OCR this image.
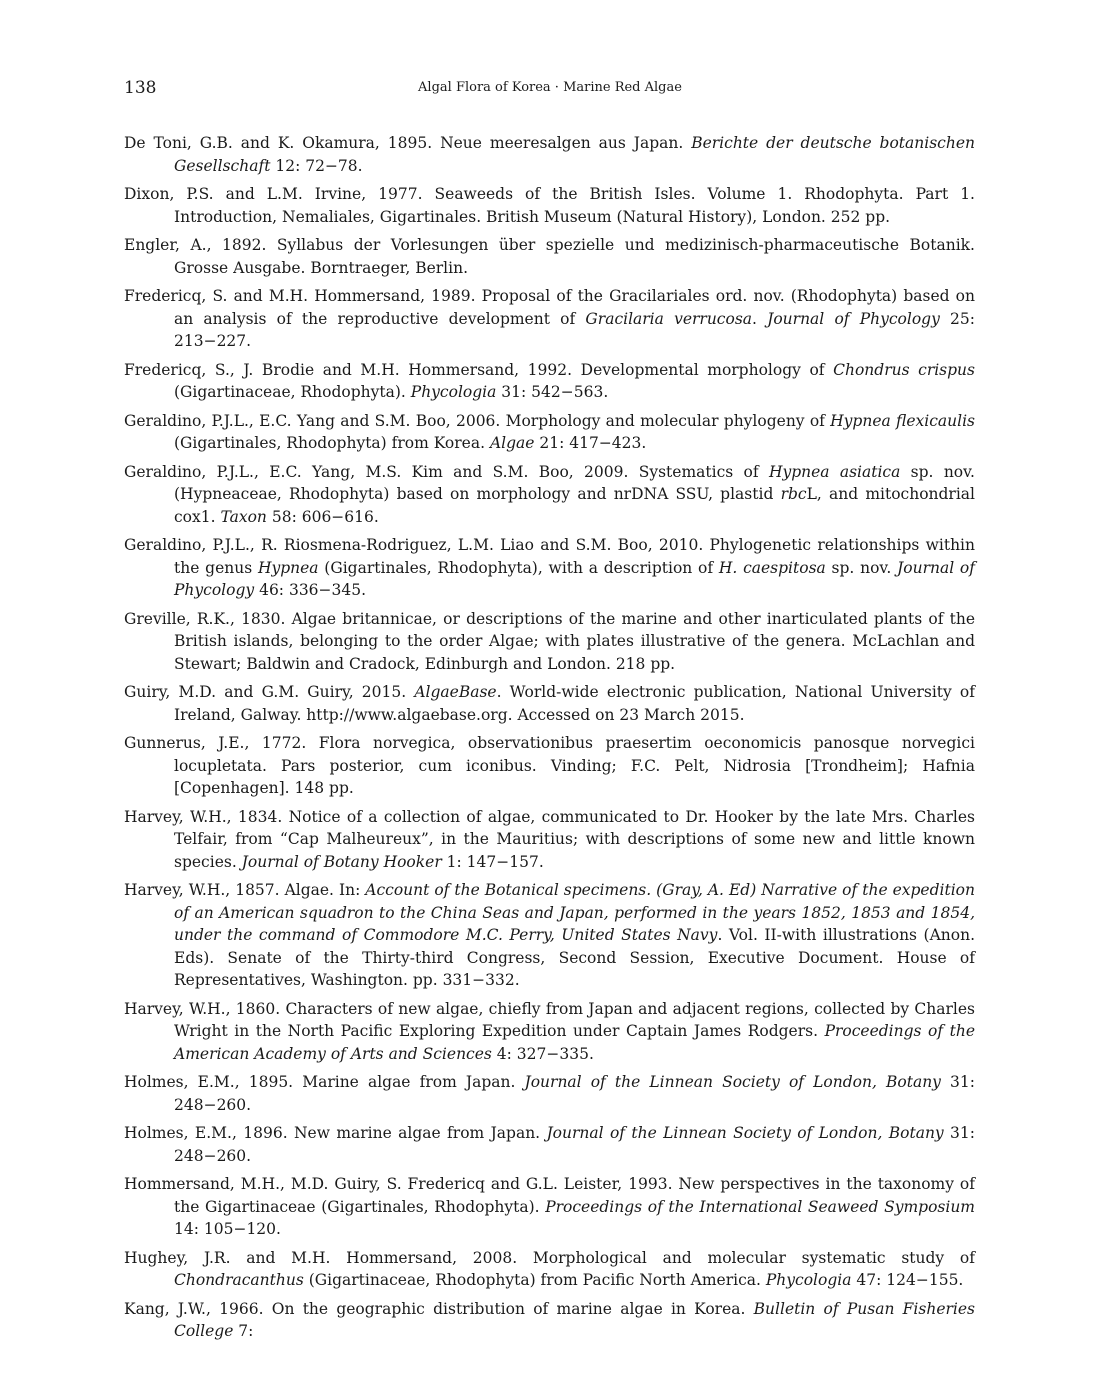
138	Algal Flora of Korea · Marine Red Algae

De Toni, G.B. and K. Okamura, 1895. Neue meeresalgen aus Japan. Berichte der deutsche botanischen Gesellschaft 12: 72−78.

Dixon, P.S. and L.M. Irvine, 1977. Seaweeds of the British Isles. Volume 1. Rhodophyta. Part 1. Introduction, Nemaliales, Gigartinales. British Museum (Natural History), London. 252 pp.

Engler, A., 1892. Syllabus der Vorlesungen über spezielle und medizinisch-pharmaceutische Botanik. Grosse Ausgabe. Borntraeger, Berlin.

Fredericq, S. and M.H. Hommersand, 1989. Proposal of the Gracilariales ord. nov. (Rhodophyta) based on an analysis of the reproductive development of Gracilaria verrucosa. Journal of Phycology 25: 213−227.

Fredericq, S., J. Brodie and M.H. Hommersand, 1992. Developmental morphology of Chondrus crispus (Gigartinaceae, Rhodophyta). Phycologia 31: 542−563.

Geraldino, P.J.L., E.C. Yang and S.M. Boo, 2006. Morphology and molecular phylogeny of Hypnea flexicaulis (Gigartinales, Rhodophyta) from Korea. Algae 21: 417−423.

Geraldino, P.J.L., E.C. Yang, M.S. Kim and S.M. Boo, 2009. Systematics of Hypnea asiatica sp. nov. (Hypneaceae, Rhodophyta) based on morphology and nrDNA SSU, plastid rbcL, and mitochondrial cox1. Taxon 58: 606−616.

Geraldino, P.J.L., R. Riosmena-Rodriguez, L.M. Liao and S.M. Boo, 2010. Phylogenetic relationships within the genus Hypnea (Gigartinales, Rhodophyta), with a description of H. caespitosa sp. nov. Journal of Phycology 46: 336−345.

Greville, R.K., 1830. Algae britannicae, or descriptions of the marine and other inarticulated plants of the British islands, belonging to the order Algae; with plates illustrative of the genera. McLachlan and Stewart; Baldwin and Cradock, Edinburgh and London. 218 pp.

Guiry, M.D. and G.M. Guiry, 2015. AlgaeBase. World-wide electronic publication, National University of Ireland, Galway. http://www.algaebase.org. Accessed on 23 March 2015.

Gunnerus, J.E., 1772. Flora norvegica, observationibus praesertim oeconomicis panosque norvegici locupletata. Pars posterior, cum iconibus. Vinding; F.C. Pelt, Nidrosia [Trondheim]; Hafnia [Copenhagen]. 148 pp.

Harvey, W.H., 1834. Notice of a collection of algae, communicated to Dr. Hooker by the late Mrs. Charles Telfair, from “Cap Malheureux”, in the Mauritius; with descriptions of some new and little known species. Journal of Botany Hooker 1: 147−157.

Harvey, W.H., 1857. Algae. In: Account of the Botanical specimens. (Gray, A. Ed) Narrative of the expedition of an American squadron to the China Seas and Japan, performed in the years 1852, 1853 and 1854, under the command of Commodore M.C. Perry, United States Navy. Vol. II-with illustrations (Anon. Eds). Senate of the Thirty-third Congress, Second Session, Executive Document. House of Representatives, Washington. pp. 331−332.

Harvey, W.H., 1860. Characters of new algae, chiefly from Japan and adjacent regions, collected by Charles Wright in the North Pacific Exploring Expedition under Captain James Rodgers. Proceedings of the American Academy of Arts and Sciences 4: 327−335.

Holmes, E.M., 1895. Marine algae from Japan. Journal of the Linnean Society of London, Botany 31: 248−260.

Holmes, E.M., 1896. New marine algae from Japan. Journal of the Linnean Society of London, Botany 31: 248−260.

Hommersand, M.H., M.D. Guiry, S. Fredericq and G.L. Leister, 1993. New perspectives in the taxonomy of the Gigartinaceae (Gigartinales, Rhodophyta). Proceedings of the International Seaweed Symposium 14: 105−120.

Hughey, J.R. and M.H. Hommersand, 2008. Morphological and molecular systematic study of Chondracanthus (Gigartinaceae, Rhodophyta) from Pacific North America. Phycologia 47: 124−155.

Kang, J.W., 1966. On the geographic distribution of marine algae in Korea. Bulletin of Pusan Fisheries College 7:
